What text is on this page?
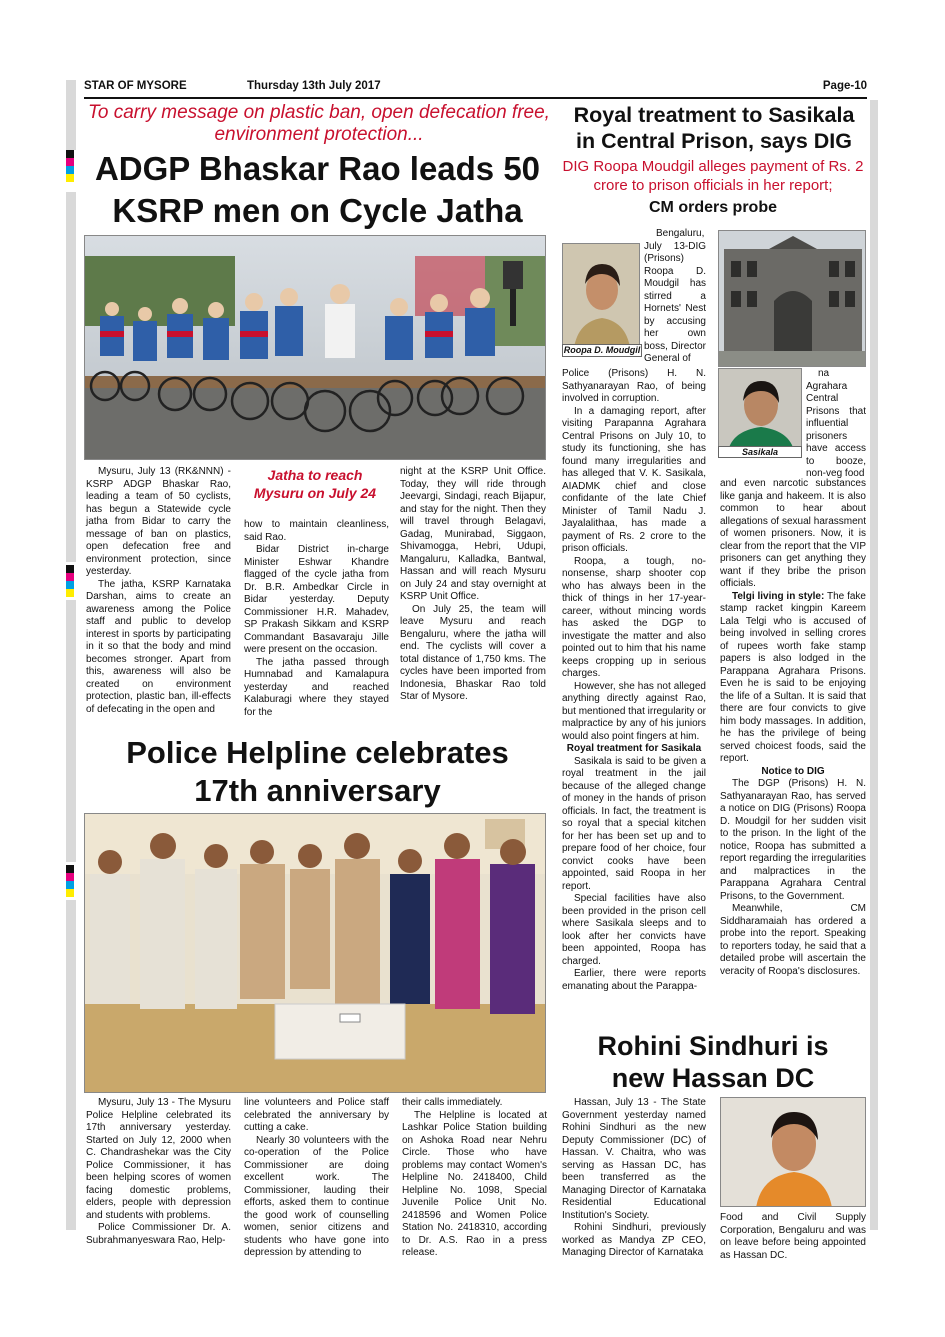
STAR OF MYSORE	Thursday 13th July 2017	Page-10
To carry message on plastic ban, open defecation free, environment protection...
ADGP Bhaskar Rao leads 50
KSRP men on Cycle Jatha

Mysuru, July 13 (RK&NNN) - KSRP ADGP Bhaskar Rao, leading a team of 50 cyclists, has begun a Statewide cycle jatha from Bidar to carry the message of ban on plastics, open defecation free and environment protection, since yesterday.

The jatha, KSRP Karnataka Darshan, aims to create an awareness among the Police staff and public to develop interest in sports by participating in it so that the body and mind becomes stronger. Apart from this, awareness will also be created on environment protection, plastic ban, ill-effects of defecating in the open and

Jatha to reach
Mysuru on July 24

how to maintain cleanliness, said Rao.

Bidar District in-charge Minister Eshwar Khandre flagged of the cycle jatha from Dr. B.R. Ambedkar Circle in Bidar yesterday. Deputy Commissioner H.R. Mahadev, SP Prakash Sikkam and KSRP Commandant Basavaraju Jille were present on the occasion.

The jatha passed through Humnabad and Kamalapura yesterday and reached Kalaburagi where they stayed for the

night at the KSRP Unit Office. Today, they will ride through Jeevargi, Sindagi, reach Bijapur, and stay for the night. Then they will travel through Belagavi, Gadag, Munirabad, Siggaon, Shivamogga, Hebri, Udupi, Mangaluru, Kalladka, Bantwal, Hassan and will reach Mysuru on July 24 and stay overnight at KSRP Unit Office.

On July 25, the team will leave Mysuru and reach Bengaluru, where the jatha will end. The cyclists will cover a total distance of 1,750 kms. The cycles have been imported from Indonesia, Bhaskar Rao told Star of Mysore.

Police Helpline celebrates
17th anniversary

Mysuru, July 13 - The Mysuru Police Helpline celebrated its 17th anniversary yesterday. Started on July 12, 2000 when C. Chandrashekar was the City Police Commissioner, it has been helping scores of women facing domestic problems, elders, people with depression and students with problems.

Police Commissioner Dr. A. Subrahmanyeswara Rao, Help-

line volunteers and Police staff celebrated the anniversary by cutting a cake.

Nearly 30 volunteers with the co-operation of the Police Commissioner are doing excellent work. The Commissioner, lauding their efforts, asked them to continue the good work of counselling women, senior citizens and students who have gone into depression by attending to

their calls immediately.

The Helpline is located at Lashkar Police Station building on Ashoka Road near Nehru Circle. Those who have problems may contact Women's Helpline No. 2418400, Child Helpline No. 1098, Special Juvenile Police Unit No. 2418596 and Women Police Station No. 2418310, according to Dr. A.S. Rao in a press release.

Royal treatment to Sasikala
in Central Prison, says DIG
DIG Roopa Moudgil alleges payment of Rs. 2 crore to prison officials in her report;
CM orders probe
Roopa D. Moudgil

Bengaluru, July 13-DIG (Prisons) Roopa D. Moudgil has stirred a Hornets' Nest by accusing her own boss, Director General of

Police (Prisons) H. N. Sathyanarayan Rao, of being involved in corruption.

In a damaging report, after visiting Parapanna Agrahara Central Prisons on July 10, to study its functioning, she has found many irregularities and has alleged that V. K. Sasikala, AIADMK chief and close confidante of the late Chief Minister of Tamil Nadu J. Jayalalithaa, has made a payment of Rs. 2 crore to the prison officials.

Roopa, a tough, no-nonsense, sharp shooter cop who has always been in the thick of things in her 17-year-career, without mincing words has asked the DGP to investigate the matter and also pointed out to him that his name keeps cropping up in serious charges.

However, she has not alleged anything directly against Rao, but mentioned that irregularity or malpractice by any of his juniors would also point fingers at him.

Royal treatment for Sasikala

Sasikala is said to be given a royal treatment in the jail because of the alleged change of money in the hands of prison officials. In fact, the treatment is so royal that a special kitchen for her has been set up and to prepare food of her choice, four convict cooks have been appointed, said Roopa in her report.

Special facilities have also been provided in the prison cell where Sasikala sleeps and to look after her convicts have been appointed, Roopa has charged.

Earlier, there were reports emanating about the Parappa-

Sasikala

na Agrahara Central Prisons that influential prisoners have access to booze, non-veg food

and even narcotic substances like ganja and hakeem. It is also common to hear about allegations of sexual harassment of women prisoners. Now, it is clear from the report that the VIP prisoners can get anything they want if they bribe the prison officials.

Telgi living in style: The fake stamp racket kingpin Kareem Lala Telgi who is accused of being involved in selling crores of rupees worth fake stamp papers is also lodged in the Parappana Agrahara Prisons. Even he is said to be enjoying the life of a Sultan. It is said that there are four convicts to give him body massages. In addition, he has the privilege of being served choicest foods, said the report.

Notice to DIG

The DGP (Prisons) H. N. Sathyanarayan Rao, has served a notice on DIG (Prisons) Roopa D. Moudgil for her sudden visit to the prison. In the light of the notice, Roopa has submitted a report regarding the irregularities and malpractices in the Parappana Agrahara Central Prisons, to the Government.

Meanwhile, CM Siddharamaiah has ordered a probe into the report. Speaking to reporters today, he said that a detailed probe will ascertain the veracity of Roopa's disclosures.

Rohini Sindhuri is
new Hassan DC

Hassan, July 13 - The State Government yesterday named Rohini Sindhuri as the new Deputy Commissioner (DC) of Hassan. V. Chaitra, who was serving as Hassan DC, has been transferred as the Managing Director of Karnataka Residential Educational Institution's Society.

Rohini Sindhuri, previously worked as Mandya ZP CEO, Managing Director of Karnataka

Food and Civil Supply Corporation, Bengaluru and was on leave before being appointed as Hassan DC.
